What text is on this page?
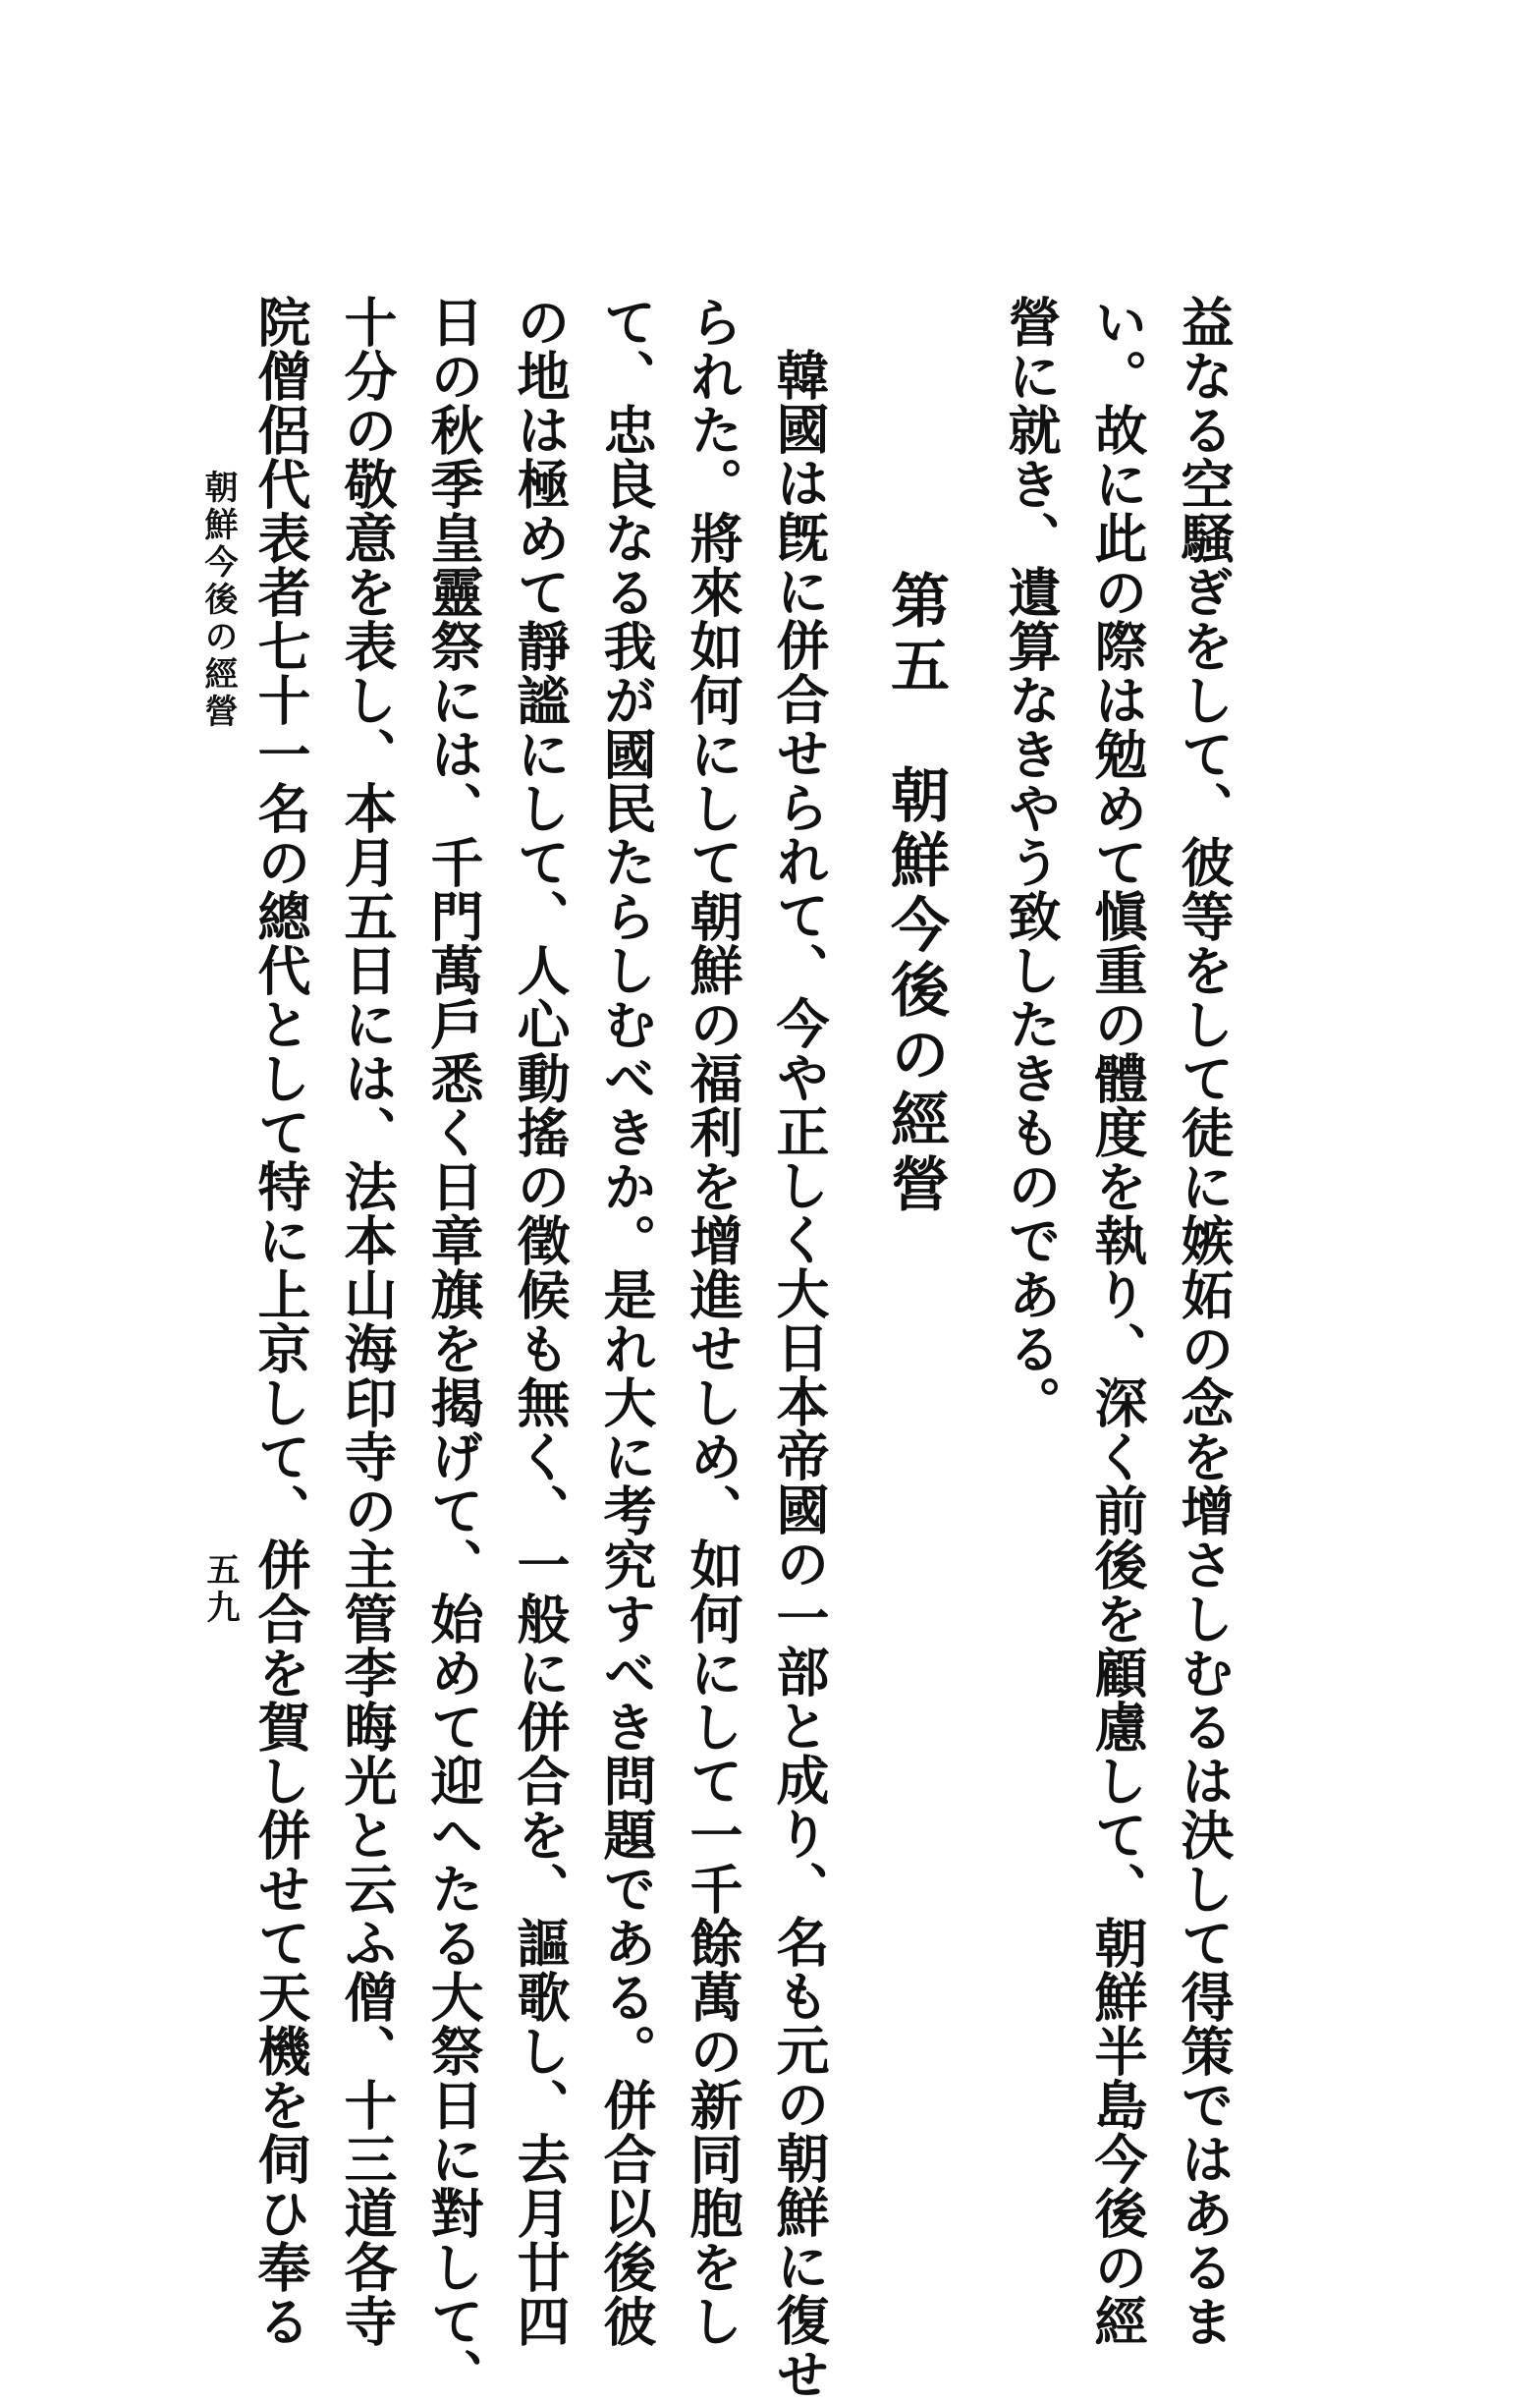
益なる空騒ぎをして、彼等をして徒に嫉妬の念を增さしむるは決して得策ではあるま

い。故に此の際は勉めて愼重の體度を執り、深く前後を顧慮して、朝鮮半島今後の經

營に就き、遺算なきやう致したきものである。

第五　朝鮮今後の經營

韓國は旣に併合せられて、今や正しく大日本帝國の一部と成り、名も元の朝鮮に復せ

られた。將來如何にして朝鮮の福利を增進せしめ、如何にして一千餘萬の新同胞をし

て、忠良なる我が國民たらしむべきか。是れ大に考究すべき問題である。併合以後彼

の地は極めて靜謐にして、人心動搖の徵候も無く、一般に併合を、謳歌し、去月廿四

日の秋季皇靈祭には、千門萬戶悉く日章旗を揭げて、始めて迎へたる大祭日に對して、

十分の敬意を表し、本月五日には、法本山海印寺の主管李晦光と云ふ僧、十三道各寺

院僧侶代表者七十一名の總代として特に上京して、併合を賀し併せて天機を伺ひ奉る

朝鮮今後の經營
五九
